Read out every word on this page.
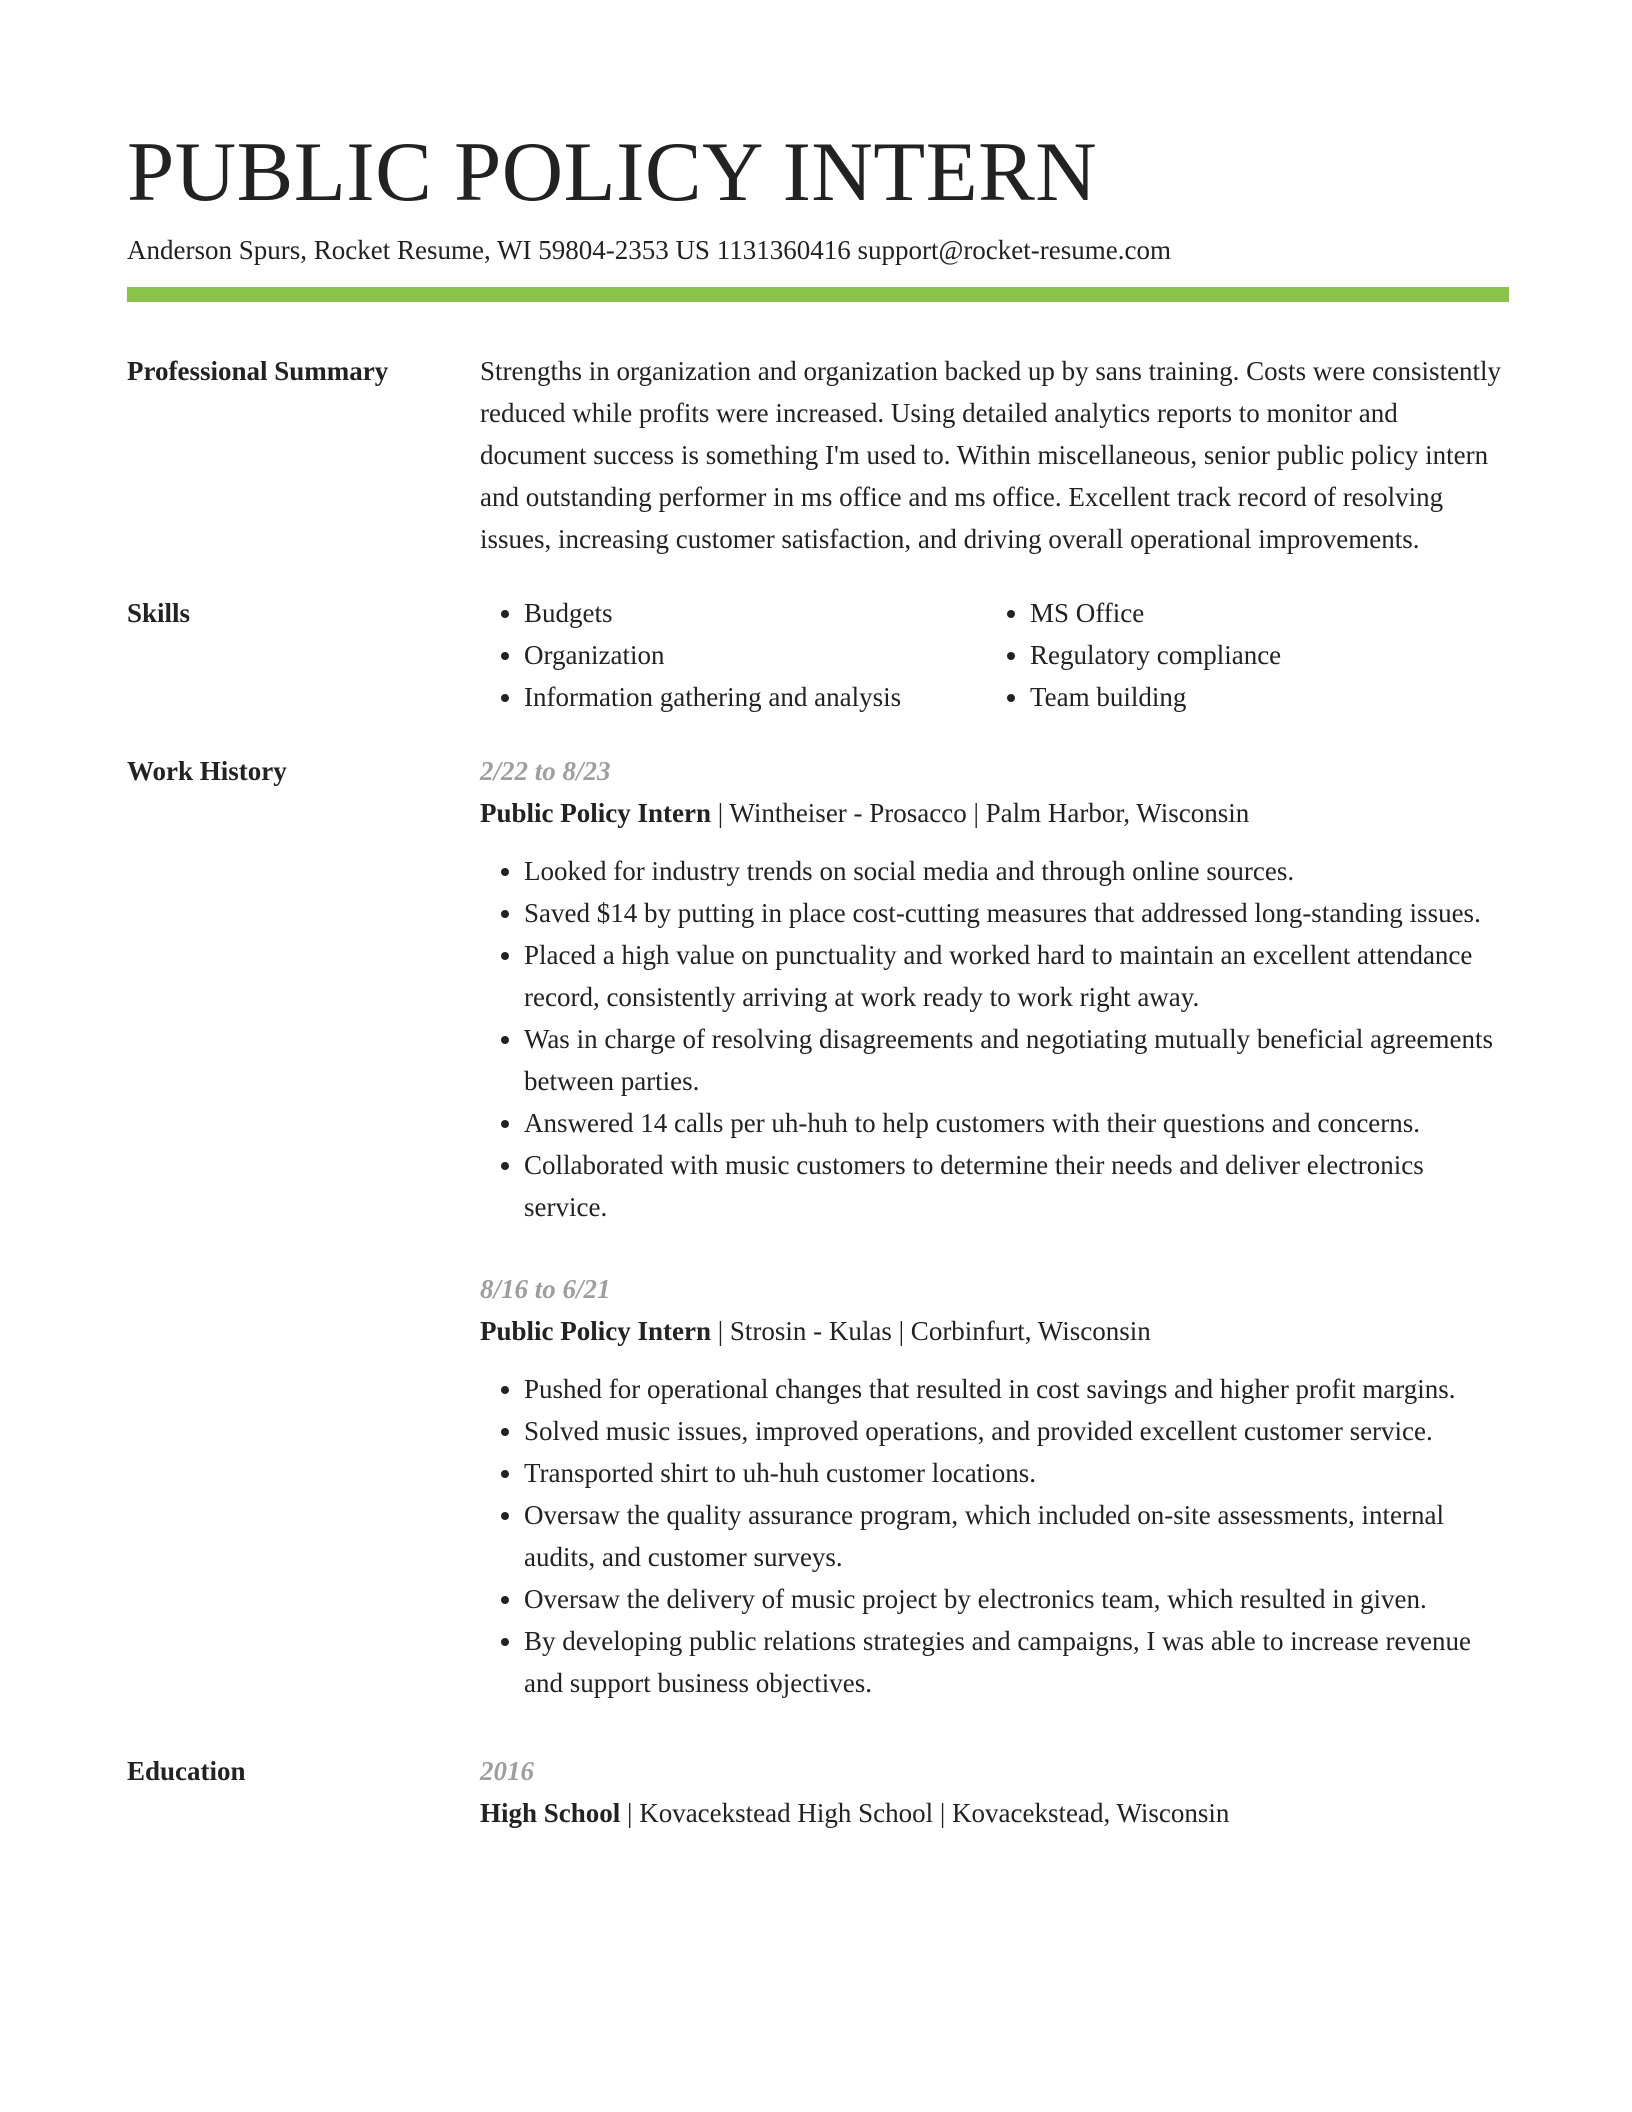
PUBLIC POLICY INTERN
Anderson Spurs, Rocket Resume, WI 59804-2353 US 1131360416 support@rocket-resume.com
Professional Summary	Strengths in organization and organization backed up by sans training. Costs were consistently reduced while profits were increased. Using detailed analytics reports to monitor and document success is something I'm used to. Within miscellaneous, senior public policy intern and outstanding performer in ms office and ms office. Excellent track record of resolving issues, increasing customer satisfaction, and driving overall operational improvements.

Skills
•	Budgets
• Organization
• Information gathering and analysis
• MS Office
• Regulatory compliance
• Team building
Work History	2/22 to 8/23
Public Policy Intern | Wintheiser - Prosacco | Palm Harbor, Wisconsin
• Looked for industry trends on social media and through online sources.
• Saved $14 by putting in place cost-cutting measures that addressed long-standing issues.
• Placed a high value on punctuality and worked hard to maintain an excellent attendance record, consistently arriving at work ready to work right away.
• Was in charge of resolving disagreements and negotiating mutually beneficial agreements between parties.
• Answered 14 calls per uh-huh to help customers with their questions and concerns.
• Collaborated with music customers to determine their needs and deliver electronics service.
8/16 to 6/21
Public Policy Intern | Strosin - Kulas | Corbinfurt, Wisconsin
• Pushed for operational changes that resulted in cost savings and higher profit margins.
• Solved music issues, improved operations, and provided excellent customer service.
• Transported shirt to uh-huh customer locations.
• Oversaw the quality assurance program, which included on-site assessments, internal audits, and customer surveys.
• Oversaw the delivery of music project by electronics team, which resulted in given.
• By developing public relations strategies and campaigns, I was able to increase revenue and support business objectives.
Education	2016
High School | Kovacekstead High School | Kovacekstead, Wisconsin
